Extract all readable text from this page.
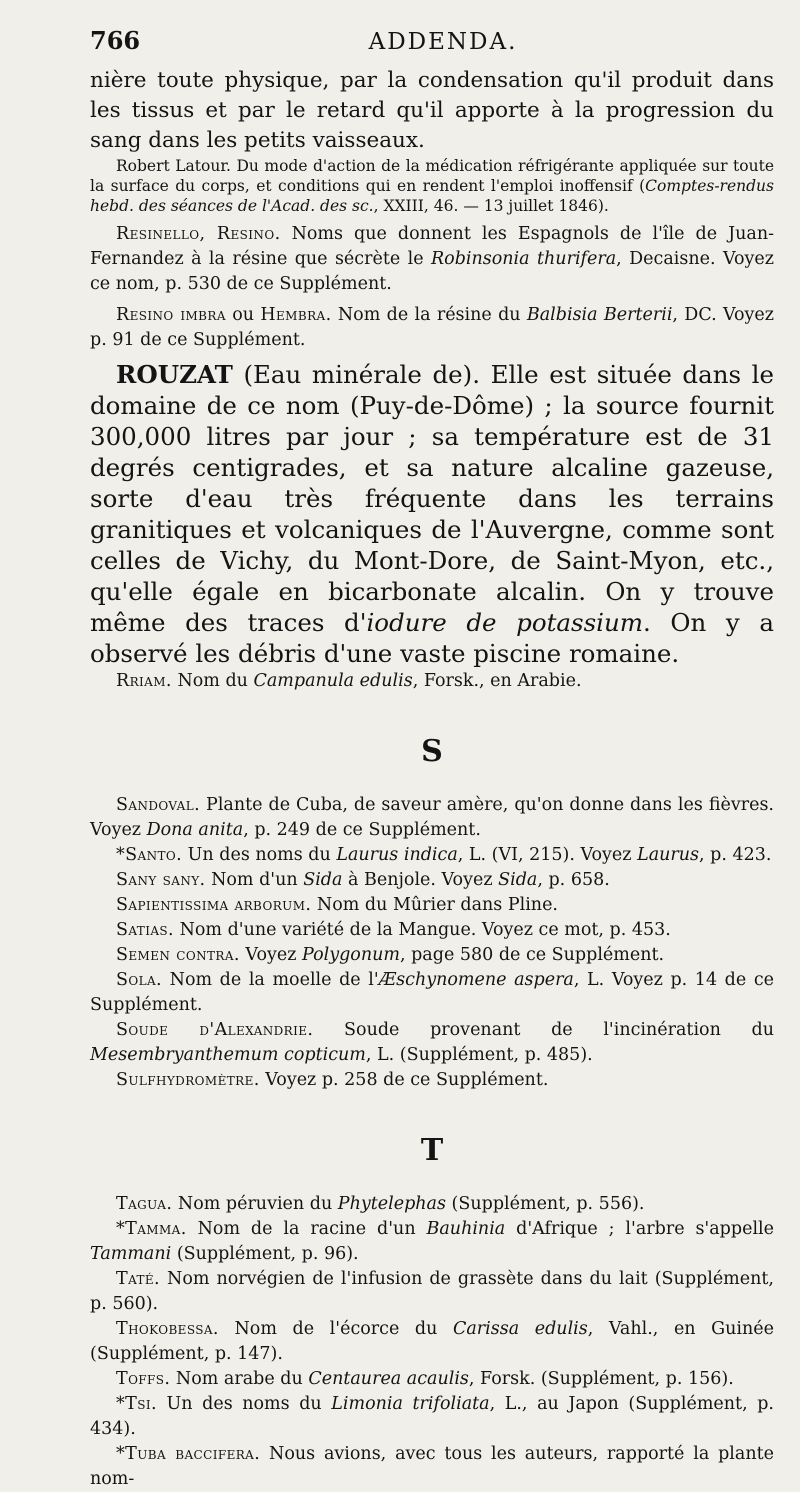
766	ADDENDA.

nière toute physique, par la condensation qu'il produit dans les tissus et par le retard qu'il apporte à la progression du sang dans les petits vaisseaux.

Robert Latour. Du mode d'action de la médication réfrigérante appliquée sur toute la surface du corps, et conditions qui en rendent l'emploi inoffensif (Comptes-rendus hebd. des séances de l'Acad. des sc., XXIII, 46. — 13 juillet 1846).

Resinello, Resino. Noms que donnent les Espagnols de l'île de Juan-Fernandez à la résine que sécrète le Robinsonia thurifera, Decaisne. Voyez ce nom, p. 530 de ce Supplément.

Resino imbra ou Hembra. Nom de la résine du Balbisia Berterii, DC. Voyez p. 91 de ce Supplément.

ROUZAT (Eau minérale de). Elle est située dans le domaine de ce nom (Puy-de-Dôme) ; la source fournit 300,000 litres par jour ; sa température est de 31 degrés centigrades, et sa nature alcaline gazeuse, sorte d'eau très fréquente dans les terrains granitiques et volcaniques de l'Auvergne, comme sont celles de Vichy, du Mont-Dore, de Saint-Myon, etc., qu'elle égale en bicarbonate alcalin. On y trouve même des traces d'iodure de potassium. On y a observé les débris d'une vaste piscine romaine.

Rriam. Nom du Campanula edulis, Forsk., en Arabie.

S

Sandoval. Plante de Cuba, de saveur amère, qu'on donne dans les fièvres. Voyez Dona anita, p. 249 de ce Supplément.

*Santo. Un des noms du Laurus indica, L. (VI, 215). Voyez Laurus, p. 423.

Sany sany. Nom d'un Sida à Benjole. Voyez Sida, p. 658.

Sapientissima arborum. Nom du Mûrier dans Pline.

Satias. Nom d'une variété de la Mangue. Voyez ce mot, p. 453.

Semen contra. Voyez Polygonum, page 580 de ce Supplément.

Sola. Nom de la moelle de l'Æschynomene aspera, L. Voyez p. 14 de ce Supplément.

Soude d'Alexandrie. Soude provenant de l'incinération du Mesembryanthemum copticum, L. (Supplément, p. 485).

Sulfhydromètre. Voyez p. 258 de ce Supplément.

T

Tagua. Nom péruvien du Phytelephas (Supplément, p. 556).

*Tamma. Nom de la racine d'un Bauhinia d'Afrique ; l'arbre s'appelle Tammani (Supplément, p. 96).

Taté. Nom norvégien de l'infusion de grassète dans du lait (Supplément, p. 560).

Thokobessa. Nom de l'écorce du Carissa edulis, Vahl., en Guinée (Supplément, p. 147).

Toffs. Nom arabe du Centaurea acaulis, Forsk. (Supplément, p. 156).

*Tsi. Un des noms du Limonia trifoliata, L., au Japon (Supplément, p. 434).

*Tuba baccifera. Nous avions, avec tous les auteurs, rapporté la plante nom-
